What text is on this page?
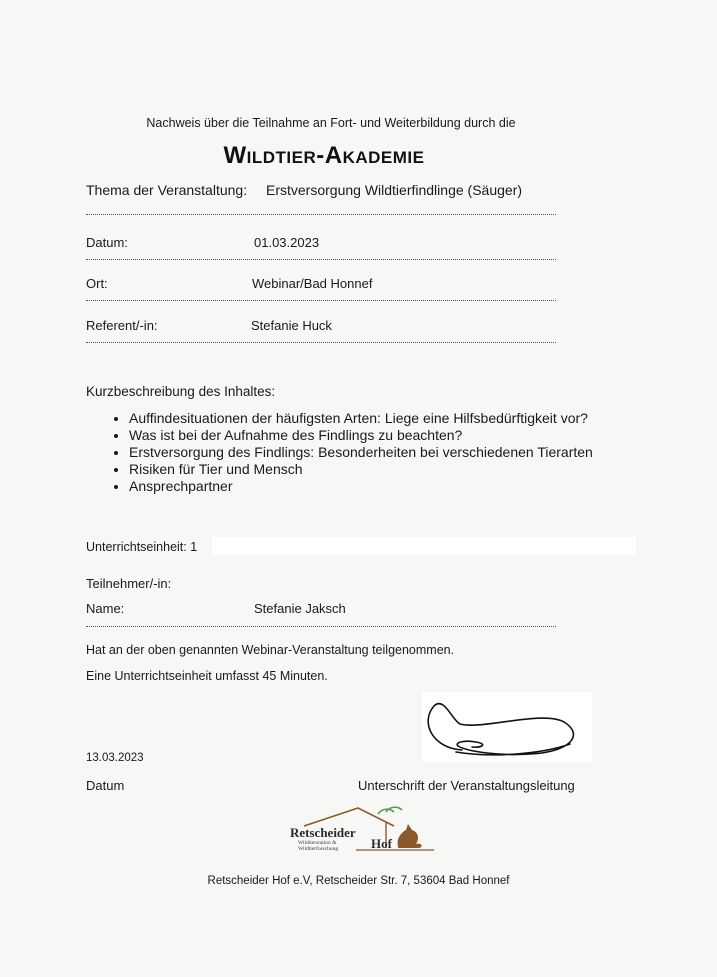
Nachweis über die Teilnahme an Fort- und Weiterbildung durch die
Wildtier-Akademie
Thema der Veranstaltung: Erstversorgung Wildtierfindlinge (Säuger)
Datum:	01.03.2023
Ort:	Webinar/Bad Honnef
Referent/-in:	Stefanie Huck
Kurzbeschreibung des Inhaltes:
• Auffindesituationen der häufigsten Arten: Liege eine Hilfsbedürftigkeit vor?
• Was ist bei der Aufnahme des Findlings zu beachten?
• Erstversorgung des Findlings: Besonderheiten bei verschiedenen Tierarten
• Risiken für Tier und Mensch
• Ansprechpartner
Unterrichtseinheit: 1
Teilnehmer/-in:
Name:	Stefanie Jaksch
Hat an der oben genannten Webinar-Veranstaltung teilgenommen.
Eine Unterrichtseinheit umfasst 45 Minuten.
13.03.2023
Datum	Unterschrift der Veranstaltungsleitung
Retscheider
Hof
Wildtierstation &
Wildtierforschung
Retscheider Hof e.V, Retscheider Str. 7, 53604 Bad Honnef
